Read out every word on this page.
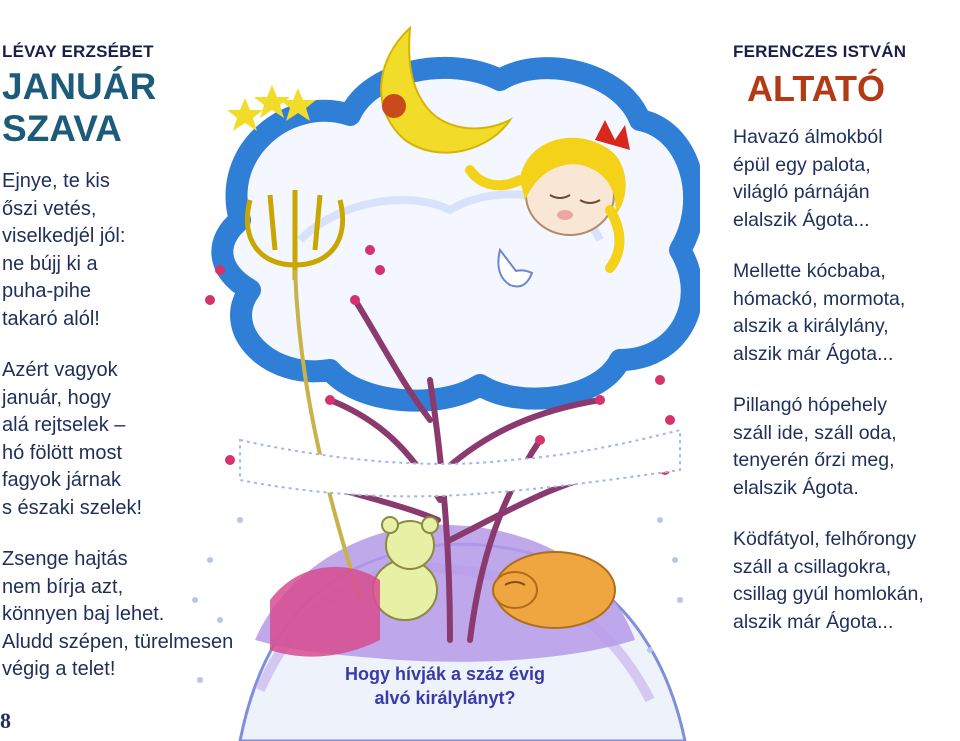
LÉVAY ERZSÉBET
JANUÁR
SZAVA
Ejnye, te kis
őszi vetés,
viselkedjél jól:
ne bújj ki a
puha-pihe
takaró alól!
Azért vagyok
január, hogy
alá rejtselek –
hó fölött most
fagyok járnak
s északi szelek!
Zsenge hajtás
nem bírja azt,
könnyen baj lehet.
Aludd szépen, türelmesen
végig a telet!
8
Hogy hívják a száz évig
alvó királylányt?
FERENCZES ISTVÁN
ALTATÓ
Havazó álmokból
épül egy palota,
világló párnáján
elalszik Ágota...
Mellette kócbaba,
hómackó, mormota,
alszik a királylány,
alszik már Ágota...
Pillangó hópehely
száll ide, száll oda,
tenyerén őrzi meg,
elalszik Ágota.
Ködfátyol, felhőrongy
száll a csillagokra,
csillag gyúl homlokán,
alszik már Ágota...
